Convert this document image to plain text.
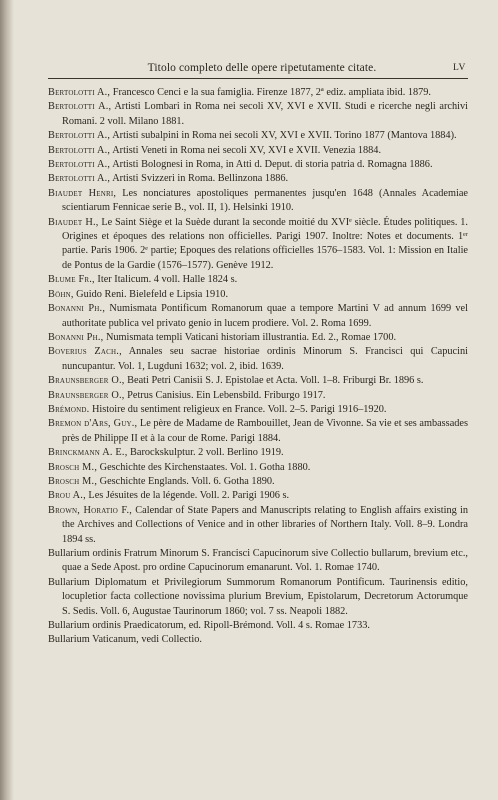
Titolo completo delle opere ripetutamente citate.	LV

Bertolotti A., Francesco Cenci e la sua famiglia. Firenze 1877, 2ª ediz. ampliata ibid. 1879.

Bertolotti A., Artisti Lombari in Roma nei secoli XV, XVI e XVII. Studi e ricerche negli archivi Romani. 2 voll. Milano 1881.

Bertolotti A., Artisti subalpini in Roma nei secoli XV, XVI e XVII. Torino 1877 (Mantova 1884).

Bertolotti A., Artisti Veneti in Roma nei secoli XV, XVI e XVII. Venezia 1884.

Bertolotti A., Artisti Bolognesi in Roma, in Atti d. Deput. di storia patria d. Romagna 1886.

Bertolotti A., Artisti Svizzeri in Roma. Bellinzona 1886.

Biaudet Henri, Les nonciatures apostoliques permanentes jusqu'en 1648 (Annales Academiae scientiarum Fennicae serie B., vol. II, 1). Helsinki 1910.

Biaudet H., Le Saint Siège et la Suède durant la seconde moitié du XVIᵉ siècle. Études politiques. 1. Origines et époques des relations non officielles. Parigi 1907. Inoltre: Notes et documents. 1ᵉʳ partie. Paris 1906. 2ᵉ partie; Epoques des relations officielles 1576–1583. Vol. 1: Mission en Italie de Pontus de la Gardie (1576–1577). Genève 1912.

Blume Fr., Iter Italicum. 4 voll. Halle 1824 s.

Böhn, Guido Reni. Bielefeld e Lipsia 1910.

Bonanni Ph., Numismata Pontificum Romanorum quae a tempore Martini V ad annum 1699 vel authoritate publica vel privato genio in lucem prodiere. Vol. 2. Roma 1699.

Bonanni Ph., Numismata templi Vaticani historiam illustrantia. Ed. 2., Romae 1700.

Boverius Zach., Annales seu sacrae historiae ordinis Minorum S. Francisci qui Capucini nuncupantur. Vol. 1, Lugduni 1632; vol. 2, ibid. 1639.

Braunsberger O., Beati Petri Canisii S. J. Epistolae et Acta. Voll. 1–8. Friburgi Br. 1896 s.

Braunsberger O., Petrus Canisius. Ein Lebensbild. Friburgo 1917.

Brémond. Histoire du sentiment religieux en France. Voll. 2–5. Parigi 1916–1920.

Bremon d'Ars, Guy., Le père de Madame de Rambouillet, Jean de Vivonne. Sa vie et ses ambassades près de Philippe II et à la cour de Rome. Parigi 1884.

Brinckmann A. E., Barockskulptur. 2 voll. Berlino 1919.

Brosch M., Geschichte des Kirchenstaates. Vol. 1. Gotha 1880.

Brosch M., Geschichte Englands. Voll. 6. Gotha 1890.

Brou A., Les Jésuites de la légende. Voll. 2. Parigi 1906 s.

Brown, Horatio F., Calendar of State Papers and Manuscripts relating to English affairs existing in the Archives and Collections of Venice and in other libraries of Northern Italy. Voll. 8–9. Londra 1894 ss.

Bullarium ordinis Fratrum Minorum S. Francisci Capucinorum sive Collectio bullarum, brevium etc., quae a Sede Apost. pro ordine Capucinorum emanarunt. Vol. 1. Romae 1740.

Bullarium Diplomatum et Privilegiorum Summorum Romanorum Pontificum. Taurinensis editio, locupletior facta collectione novissima plurium Brevium, Epistolarum, Decretorum Actorumque S. Sedis. Voll. 6, Augustae Taurinorum 1860; vol. 7 ss. Neapoli 1882.

Bullarium ordinis Praedicatorum, ed. Ripoll-Brémond. Voll. 4 s. Romae 1733.

Bullarium Vaticanum, vedi Collectio.
